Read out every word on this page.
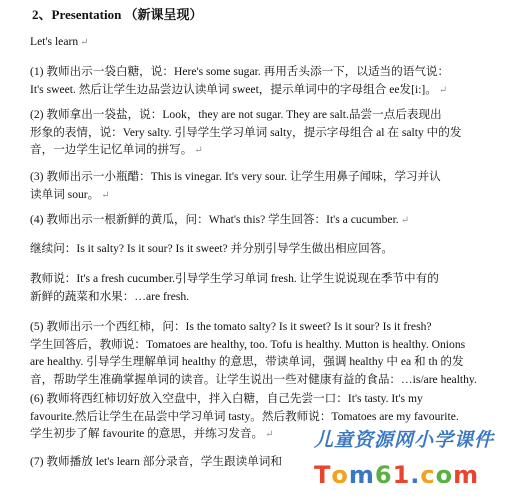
2、Presentation （新课呈现）
Let's learn ↵
(1) 教师出示一袋白糖，说：Here's some sugar. 再用舌头添一下，以适当的语气说：
It's sweet. 然后让学生边品尝边认读单词 sweet，提示单词中的字母组合 ee发[i:]。 ↵
(2) 教师拿出一袋盐，说：Look，they are not sugar. They are salt.品尝一点后表现出
形象的表情，说：Very salty. 引导学生学习单词 salty，提示字母组合 al 在 salty 中的发
音，一边学生记忆单词的拼写。 ↵
(3) 教师出示一小瓶醋：This is vinegar. It's very sour. 让学生用鼻子闻味，学习并认
读单词 sour。 ↵
(4) 教师出示一根新鲜的黄瓜，问：What's this? 学生回答：It's a cucumber. ↵
继续问：Is it salty? Is it sour? Is it sweet? 并分别引导学生做出相应回答。
教师说：It's a fresh cucumber.引导学生学习单词 fresh. 让学生说说现在季节中有的
新鲜的蔬菜和水果：…are fresh.
(5) 教师出示一个西红柿，问：Is the tomato salty? Is it sweet? Is it sour? Is it fresh?
学生回答后，教师说：Tomatoes are healthy, too. Tofu is healthy. Mutton is healthy. Onions
are healthy. 引导学生理解单词 healthy 的意思，带读单词，强调 healthy 中 ea 和 th 的发
音，帮助学生准确掌握单词的读音。让学生说出一些对健康有益的食品：…is/are healthy.
(6) 教师将西红柿切好放入空盘中，拌入白糖，自己先尝一口：It's tasty. It's my
favourite.然后让学生在品尝中学习单词 tasty。然后教师说：Tomatoes are my favourite.
学生初步了解 favourite 的意思，并练习发音。 ↵
(7) 教师播放 let's learn 部分录音，学生跟读单词和
儿童资源网小学课件
Tom61.com
